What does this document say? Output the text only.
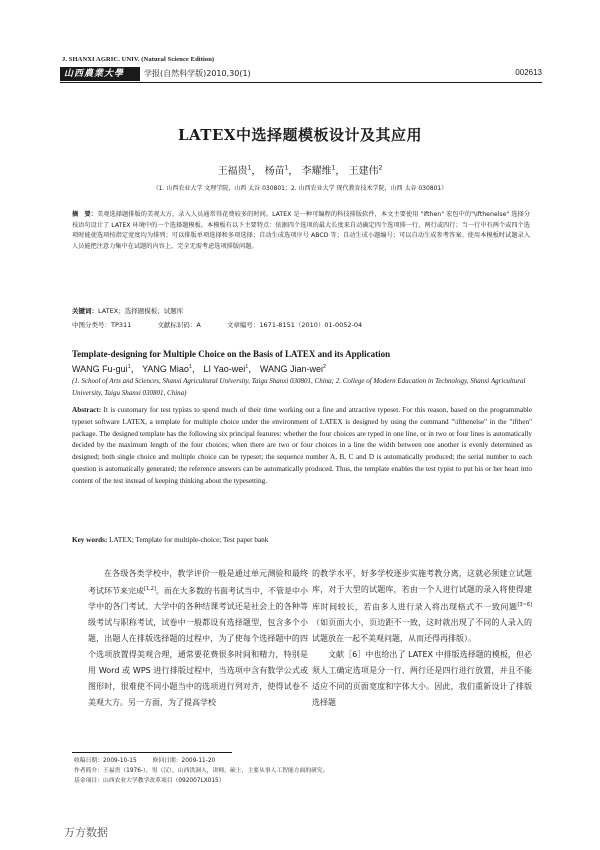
J. SHANXI AGRIC. UNIV. (Natural Science Edition)
山西農業大學	学报(自然科学版)2010,30(1)	002613
LATEX中选择题模板设计及其应用
王福贵$^1$， 杨苗$^1$， 李耀维$^1$， 王建伟$^2$
（1. 山西农业大学 文理学院，山西 太谷 030801；2. 山西农业大学 现代教育技术学院，山西 太谷 030801）
摘　要：美观选择题排版的美观大方，录入人员通常得花费较多的时间。LATEX 是一种可编程的科技排版软件，本文主要使用 "ifthen" 宏包中的"\ifthenelse" 选择分枝语句设计了 LATEX 环境中的一个选择题模板。本模板有以下主要特点：依据四个选项的最大长度来自动确定四个选项排一行、两行或四行；当一行中有两个或四个选项时能使选项按指定宽度均为排列；可以排版单项选择和多项选择；自动生成选项序号 ABCD 等；自动生成小题编号；可以自动生成参考答案。使用本模板时试题录入人员能把注意力集中在试题的内容上，完全无需考虑选项排版问题。
关键词：LATEX；选择题模板；试题库
中图分类号：TP311	文献标识码：A	文章编号：1671-8151（2010）01-0052-04
Template-designing for Multiple Choice on the Basis of LATEX and its Application
WANG Fu-gui$^1$， YANG Miao$^1$， LI Yao-wei$^1$， WANG Jian-wei$^2$
(1. School of Arts and Sciences, Shanxi Agricultural University, Taigu Shanxi 030801, China; 2. College of Modern Education in Technology, Shanxi Agricultural University, Taigu Shanxi 030801, China)
Abstract: It is customary for test typists to spend much of their time working out a fine and attractive typeset. For this reason, based on the programmable typeset software LATEX, a template for multiple choice under the environment of LATEX is designed by using the command "\ifthenelse" in the "ifthen" package. The designed template has the following six principal features: whether the four choices are typed in one line, or in two or four lines is automatically decided by the maximum length of the four choices; when there are two or four choices in a line the width between one another is evenly determined as designed; both single choice and multiple choice can be typeset; the sequence number A, B, C and D is automatically produced; the serial number to each question is automatically generated; the reference answers can be automatically produced. Thus, the template enables the test typist to put his or her heart into content of the test instead of keeping thinking about the typesetting.
Key words: LATEX; Template for multiple-choice; Test paper bank

在各级各类学校中，教学评价一般是通过单元测验和最终考试环节来完成[1,2]。而在大多数的书面考试当中，不管是中小学中的各门考试、大学中的各种结课考试还是社会上的各种等级考试与职称考试，试卷中一般都设有选择题型，包含多个小题，出题人在排版选择题的过程中，为了使每个选择题中的四个选项放置得美观合理，通常要花费很多时间和精力，特别是用 Word 或 WPS 进行排版过程中，当选项中含有数学公式或图形时，很难使不同小题当中的选项进行列对齐，使得试卷不美观大方。另一方面，为了提高学校

的教学水平，好多学校逐步实施考教分离，这就必须建立试题库，对于大型的试题库，若由一个人进行试题的录入将使得建库时间较长，若由多人进行录入将出现格式不一致问题[3~6]（如页面大小，页边距不一致，这时就出现了不同的人录入的试题放在一起不美观问题，从而还得再排版）。

文献［6］中也给出了 LATEX 中排版选择题的模板，但必须人工确定选项是分一行、两行还是四行进行放置，并且不能适应不同的页面宽度和字体大小。因此，我们重新设计了排版选择题

收稿日期：2009-10-15	修回日期：2009-11-20
作者简介：王福贵（1976-），男（汉），山西洪洞人，讲师，硕士，主要从事人工智能方面的研究。
基金项目：山西农业大学教学改革项目（092007LX015）
万方数据
